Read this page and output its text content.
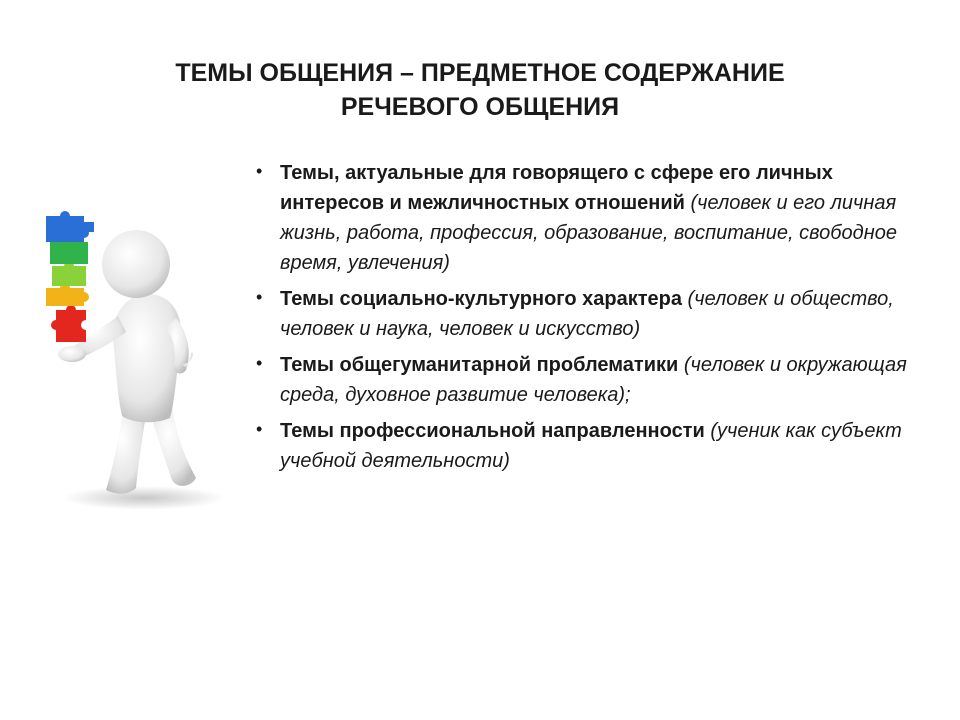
ТЕМЫ ОБЩЕНИЯ – ПРЕДМЕТНОЕ СОДЕРЖАНИЕ
РЕЧЕВОГО ОБЩЕНИЯ
• Темы, актуальные для говорящего с сфере его личных интересов и межличностных отношений (человек и его личная жизнь, работа, профессия, образование, воспитание, свободное время, увлечения)
• Темы социально-культурного характера (человек и общество, человек и наука, человек и искусство)
• Темы общегуманитарной проблематики (человек и окружающая среда, духовное развитие человека);
• Темы профессиональной направленности (ученик как субъект учебной деятельности)
